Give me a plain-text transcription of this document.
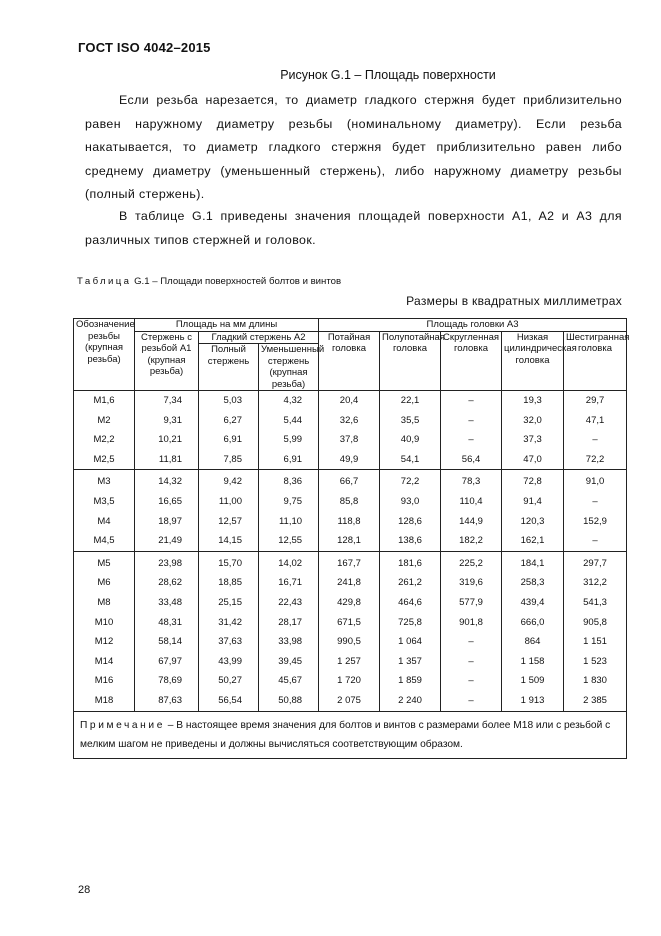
ГОСТ ISO 4042–2015
Рисунок G.1 – Площадь поверхности
Если резьба нарезается, то диаметр гладкого стержня будет приблизительно равен наружному диаметру резьбы (номинальному диаметру). Если резьба накатывается, то диаметр гладкого стержня будет приблизительно равен либо среднему диаметру (уменьшенный стержень), либо наружному диаметру резьбы (полный стержень).
В таблице G.1 приведены значения площадей поверхности A1, A2 и A3 для различных типов стержней и головок.
Таблица G.1 – Площади поверхностей болтов и винтов
Размеры в квадратных миллиметрах
Обозначение резьбы (крупная резьба)	Площадь на мм длины			Площадь головки A3				
	Стержень с резьбой A1 (крупная резьба)	Гладкий стержень A2		Потайная головка	Полупотайная головка	Скругленная головка	Низкая цилиндрическая головка	Шестигранная головка
		Полный стержень	Уменьшенный стержень (крупная резьба)					
M1,6	7,34	5,03	4,32	20,4	22,1	–	19,3	29,7
M2	9,31	6,27	5,44	32,6	35,5	–	32,0	47,1
M2,2	10,21	6,91	5,99	37,8	40,9	–	37,3	–
M2,5	11,81	7,85	6,91	49,9	54,1	56,4	47,0	72,2
M3	14,32	9,42	8,36	66,7	72,2	78,3	72,8	91,0
M3,5	16,65	11,00	9,75	85,8	93,0	110,4	91,4	–
M4	18,97	12,57	11,10	118,8	128,6	144,9	120,3	152,9
M4,5	21,49	14,15	12,55	128,1	138,6	182,2	162,1	–
M5	23,98	15,70	14,02	167,7	181,6	225,2	184,1	297,7
M6	28,62	18,85	16,71	241,8	261,2	319,6	258,3	312,2
M8	33,48	25,15	22,43	429,8	464,6	577,9	439,4	541,3
M10	48,31	31,42	28,17	671,5	725,8	901,8	666,0	905,8
M12	58,14	37,63	33,98	990,5	1 064	–	864	1 151
M14	67,97	43,99	39,45	1 257	1 357	–	1 158	1 523
M16	78,69	50,27	45,67	1 720	1 859	–	1 509	1 830
M18	87,63	56,54	50,88	2 075	2 240	–	1 913	2 385
Примечание – В настоящее время значения для болтов и винтов с размерами более M18 или с резьбой с мелким шагом не приведены и должны вычисляться соответствующим образом.								
28
